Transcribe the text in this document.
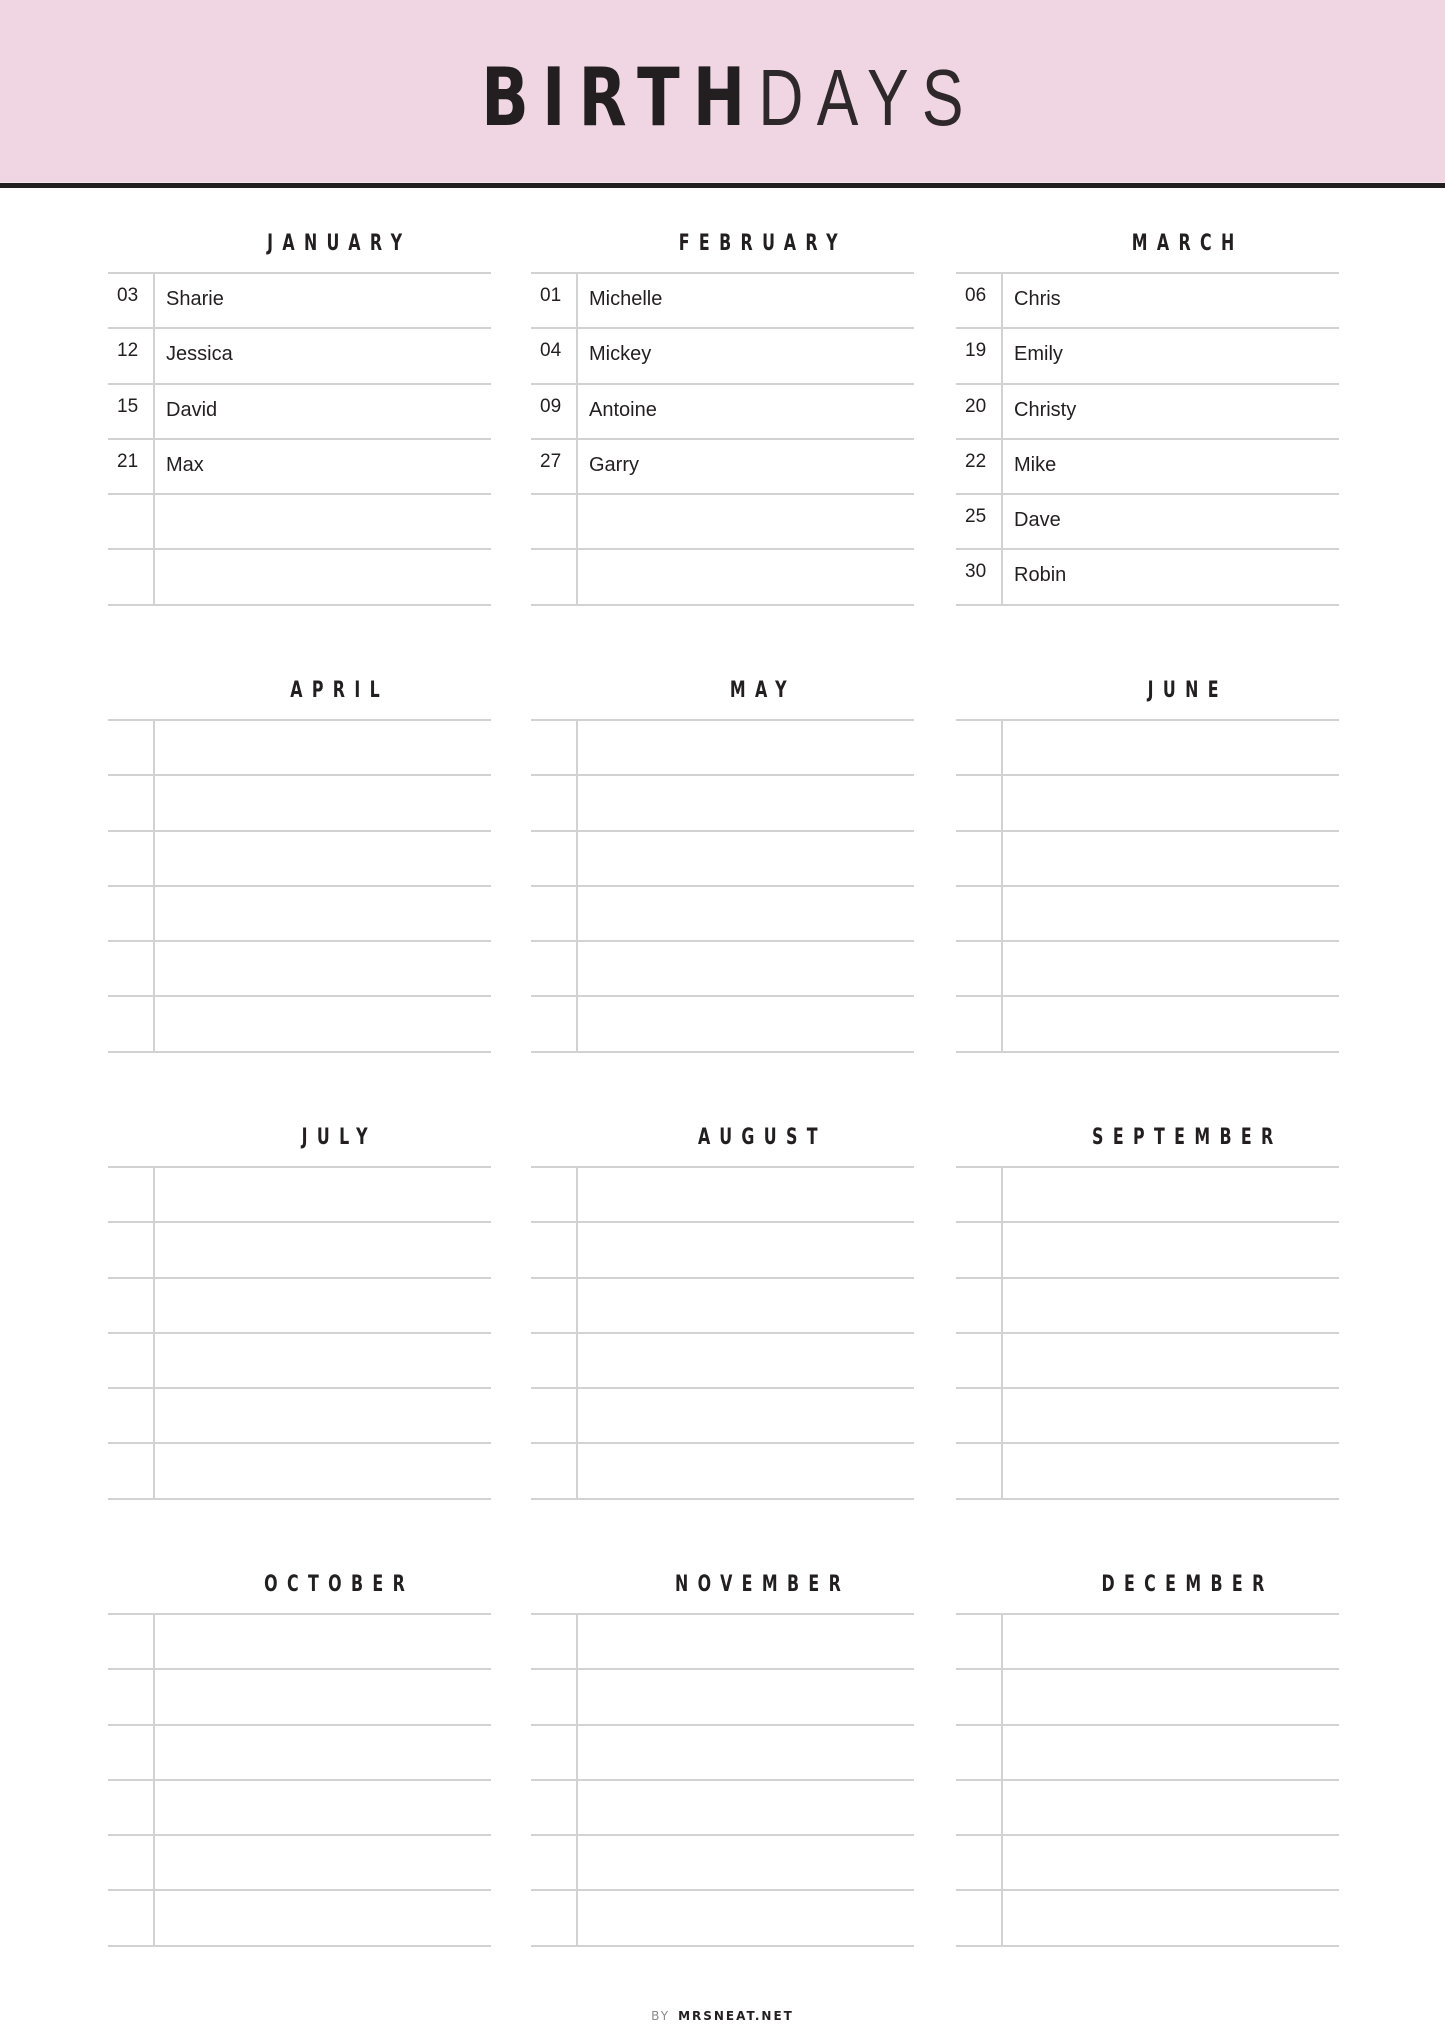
BIRTHDAYS
JANUARY
03	Sharie
12	Jessica
15	David
21	Max
FEBRUARY
01	Michelle
04	Mickey
09	Antoine
27	Garry
MARCH
06	Chris
19	Emily
20	Christy
22	Mike
25	Dave
30	Robin
APRIL	MAY	JUNE
JULY	AUGUST	SEPTEMBER
OCTOBER	NOVEMBER	DECEMBER
BY MRSNEAT.NET
